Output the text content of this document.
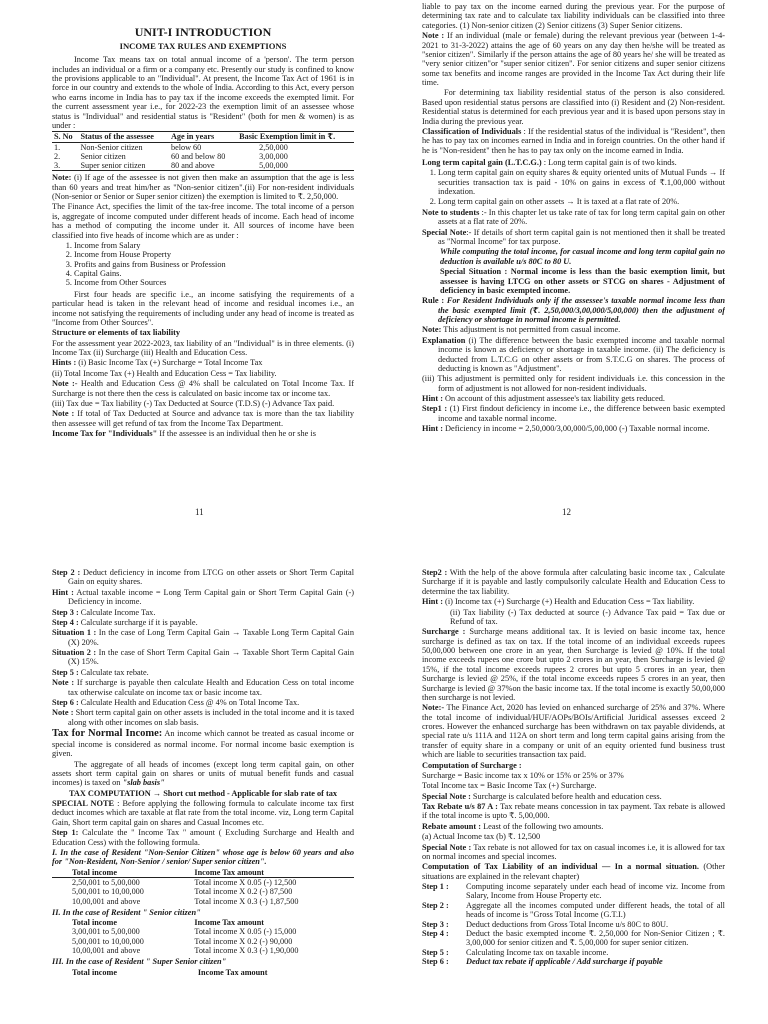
UNIT-I INTRODUCTION
INCOME TAX RULES AND EXEMPTIONS

Income Tax means tax on total annual income of a 'person'. The term person includes an individual or a firm or a company etc. Presently our study is confined to know the provisions applicable to an "Individual". At present, the Income Tax Act of 1961 is in force in our country and extends to the whole of India. According to this Act, every person who earns income in India has to pay tax if the income exceeds the exempted limit. For the current assessment year i.e., for 2022-23 the exemption limit of an assessee whose status is "Individual" and residential status is "Resident" (both for men & women) is as under :

S. No	Status of the assessee	Age in years	Basic Exemption limit in ₹.
1.	Non-Senior citizen	below 60	2,50,000
2.	Senior citizen	60 and below 80	3,00,000
3.	Super senior citizen	80 and above	5,00,000

Note: (i) If age of the assessee is not given then make an assumption that the age is less than 60 years and treat him/her as "Non-senior citizen".(ii) For non-resident individuals (Non-senior or Senior or Super senior citizen) the exemption is limited to ₹. 2,50,000.

The Finance Act, specifies the limit of the tax-free income. The total income of a person is, aggregate of income computed under different heads of income. Each head of income has a method of computing the income under it. All sources of income have been classified into five heads of income which are as under :

1. Income from Salary
2. Income from House Property
3. Profits and gains from Business or Profession
4. Capital Gains.
5. Income from Other Sources

First four heads are specific i.e., an income satisfying the requirements of a particular head is taken in the relevant head of income and residual incomes i.e., an income not satisfying the requirements of including under any head of income is treated as "Income from Other Sources".

Structure or elements of tax liability

For the assessment year 2022-2023, tax liability of an "Individual" is in three elements. (i) Income Tax (ii) Surcharge (iii) Health and Education Cess.

Hints : (i) Basic Income Tax (+) Surcharge = Total Income Tax

(ii) Total Income Tax (+) Health and Education Cess = Tax liability.

Note :- Health and Education Cess @ 4% shall be calculated on Total Income Tax. If Surcharge is not there then the cess is calculated on basic income tax or income tax.

(iii) Tax due = Tax liability (-) Tax Deducted at Source (T.D.S) (-) Advance Tax paid.

Note : If total of Tax Deducted at Source and advance tax is more than the tax liability then assessee will get refund of tax from the Income Tax Department.

Income Tax for "Individuals" If the assessee is an individual then he or she is

11

liable to pay tax on the income earned during the previous year. For the purpose of determining tax rate and to calculate tax liability individuals can be classified into three categories. (1) Non-senior citizen (2) Senior citizens (3) Super Senior citizens.

Note : If an individual (male or female) during the relevant previous year (between 1-4-2021 to 31-3-2022) attains the age of 60 years on any day then he/she will be treated as "senior citizen". Similarly if the person attains the age of 80 years he/ she will be treated as "very senior citizen"or "super senior citizen". For senior citizens and super senior citizens some tax benefits and income ranges are provided in the Income Tax Act during their life time.

For determining tax liability residential status of the person is also considered. Based upon residential status persons are classified into (i) Resident and (2) Non-resident. Residential status is determined for each previous year and it is based upon persons stay in India during the previous year.

Classification of Individuals : If the residential status of the individual is "Resident", then he has to pay tax on incomes earned in India and in foreign countries. On the other hand if he is "Non-resident" then he has to pay tax only on the income earned in India.

Long term capital gain (L.T.C.G.) : Long term capital gain is of two kinds.

1. Long term capital gain on equity shares & equity oriented units of Mutual Funds → If securities transaction tax is paid - 10% on gains in excess of ₹.1,00,000 without indexation.
2. Long term capital gain on other assets → It is taxed at a flat rate of 20%.

Note to students :- In this chapter let us take rate of tax for long term capital gain on other assets at a flat rate of 20%.

Special Note:- If details of short term capital gain is not mentioned then it shall be treated as "Normal Income" for tax purpose.

While computing the total income, for casual income and long term capital gain no deduction is available u/s 80C to 80 U.

Special Situation : Normal income is less than the basic exemption limit, but assessee is having LTCG on other assets or STCG on shares - Adjustment of deficiency in basic exempted income.

Rule : For Resident Individuals only if the assessee's taxable normal income less than the basic exempted limit (₹. 2,50,000/3,00,000/5,00,000) then the adjustment of deficiency or shortage in normal income is permitted.

Note: This adjustment is not permitted from casual income.

Explanation (i) The difference between the basic exempted income and taxable normal income is known as deficiency or shortage in taxable income. (ii) The deficiency is deducted from L.T.C.G on other assets or from S.T.C.G on shares. The process of deducting is known as "Adjustment".

(iii) This adjustment is permitted only for resident individuals i.e. this concession in the form of adjustment is not allowed for non-resident individuals.

Hint : On account of this adjustment assessee's tax liability gets reduced.

Step1 : (1) First findout deficiency in income i.e., the difference between basic exempted income and taxable normal income.

Hint : Deficiency in income = 2,50,000/3,00,000/5,00,000 (-) Taxable normal income.

12

Step 2 : Deduct deficiency in income from LTCG on other assets or Short Term Capital Gain on equity shares.

Hint : Actual taxable income = Long Term Capital gain or Short Term Capital Gain (-) Deficiency in income.

Step 3 : Calculate Income Tax.

Step 4 : Calculate surcharge if it is payable.

Situation 1 : In the case of Long Term Capital Gain → Taxable Long Term Capital Gain (X) 20%.

Situation 2 : In the case of Short Term Capital Gain → Taxable Short Term Capital Gain (X) 15%.

Step 5 : Calculate tax rebate.

Note : If surcharge is payable then calculate Health and Education Cess on total income tax otherwise calculate on income tax or basic income tax.

Step 6 : Calculate Health and Education Cess @ 4% on Total Income Tax.

Note : Short term capital gain on other assets is included in the total income and it is taxed along with other incomes on slab basis.

Tax for Normal Income: An income which cannot be treated as casual income or special income is considered as normal income. For normal income basic exemption is given.

The aggregate of all heads of incomes (except long term capital gain, on other assets short term capital gain on shares or units of mutual benefit funds and casual incomes) is taxed on "slab basis"

TAX COMPUTATION → Short cut method - Applicable for slab rate of tax

SPECIAL NOTE : Before applying the following formula to calculate income tax first deduct incomes which are taxable at flat rate from the total income. viz, Long term Capital Gain, Short term capital gain on shares and Casual Incomes etc.

Step 1: Calculate the " Income Tax " amount ( Excluding Surcharge and Health and Education Cess) with the following formula.

I. In the case of Resident "Non-Senior Citizen" whose age is below 60 years and also for "Non-Resident, Non-Senior / senior/ Super senior citizen".

Total income	Income Tax amount
2,50,001 to 5,00,000	Total income X 0.05 (-) 12,500
5,00,001 to 10,00,000	Total income X 0.2 (-) 87,500
10,00,001 and above	Total income X 0.3 (-) 1,87,500

II. In the case of Resident " Senior citizen"

Total income	Income Tax amount
3,00,001 to 5,00,000	Total income X 0.05 (-) 15,000
5,00,001 to 10,00,000	Total income X 0.2 (-) 90,000
10,00,001 and above	Total income X 0.3 (-) 1,90,000

III. In the case of Resident " Super Senior citizen"

Total income	Income Tax amount

Step2 : With the help of the above formula after calculating basic income tax , Calculate Surcharge if it is payable and lastly compulsorily calculate Health and Education Cess to determine the tax liability.

Hint : (i) Income tax (+) Surcharge (+) Health and Education Cess = Tax liability.

(ii) Tax liability (-) Tax deducted at source (-) Advance Tax paid = Tax due or Refund of tax.

Surcharge : Surcharge means additional tax. It is levied on basic income tax, hence surcharge is defined as tax on tax. If the total income of an individual exceeds rupees 50,00,000 between one crore in an year, then Surcharge is levied @ 10%. If the total income exceeds rupees one crore but upto 2 crores in an year, then Surcharge is levied @ 15%, if the total income exceeds rupees 2 crores but upto 5 crores in an year, then Surcharge is levied @ 25%, if the total income exceeds rupees 5 crores in an year, then Surcharge is levied @ 37%on the basic income tax. If the total income is exactly 50,00,000 then surcharge is not levied.

Note:- The Finance Act, 2020 has levied on enhanced surcharge of 25% and 37%. Where the total income of individual/HUF/AOPs/BOIs/Artificial Juridical assesses exceed 2 crores. However the enhanced surcharge has been withdrawn on tax payable dividends, at special rate u/s 111A and 112A on short term and long term capital gains arising from the transfer of equity share in a company or unit of an equity oriented fund business trust which are liable to securities transaction tax paid.

Computation of Surcharge :

Surcharge = Basic income tax x 10% or 15% or 25% or 37%

Total Income tax = Basic Income Tax (+) Surcharge.

Special Note : Surcharge is calculated before health and education cess.

Tax Rebate u/s 87 A : Tax rebate means concession in tax payment. Tax rebate is allowed if the total income is upto ₹. 5,00,000.

Rebate amount : Least of the following two amounts.

(a) Actual Income tax (b) ₹. 12,500

Special Note : Tax rebate is not allowed for tax on casual incomes i.e, it is allowed for tax on normal incomes and special incomes.

Computation of Tax Liability of an individual — In a normal situation. (Other situations are explained in the relevant chapter)

Step 1 :	Computing income separately under each head of income viz. Income from Salary, Income from House Property etc.
Step 2 :	Aggregate all the incomes computed under different heads, the total of all heads of income is "Gross Total Income (G.T.I.)
Step 3 :	Deduct deductions from Gross Total Income u/s 80C to 80U.
Step 4 :	Deduct the basic exempted income ₹. 2,50,000 for Non-Senior Citizen ; ₹. 3,00,000 for senior citizen and ₹. 5,00,000 for super senior citizen.
Step 5 :	Calculating Income tax on taxable income.
Step 6 :	Deduct tax rebate if applicable / Add surcharge if payable
